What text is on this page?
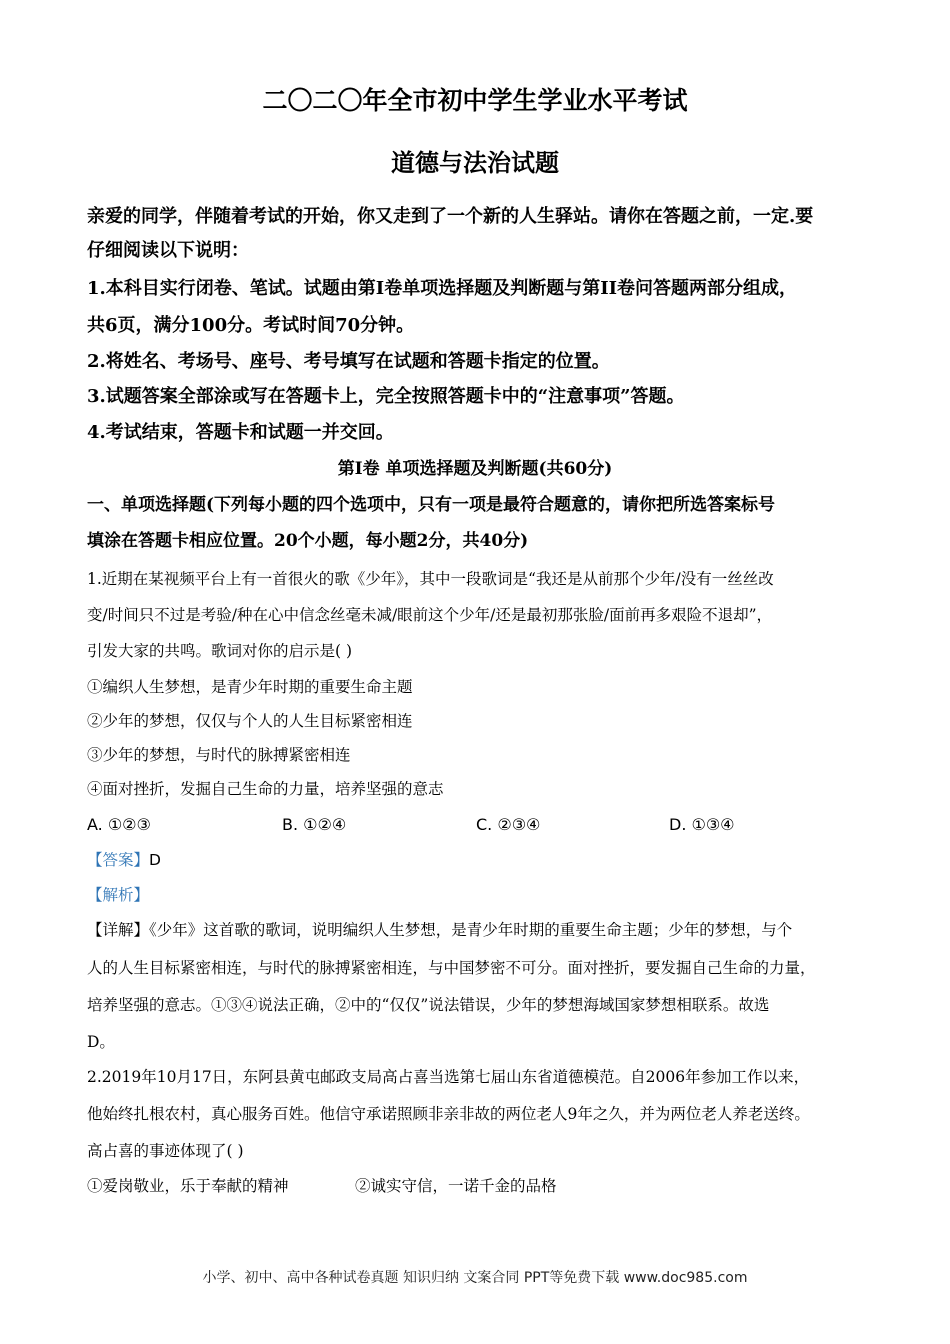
二〇二〇年全市初中学生学业水平考试
道德与法治试题
亲爱的同学，伴随着考试的开始，你又走到了一个新的人生驿站。请你在答题之前，一定.要
仔细阅读以下说明：
1.本科目实行闭卷、笔试。试题由第Ⅰ卷单项选择题及判断题与第II卷问答题两部分组成，
共6页，满分100分。考试时间70分钟。
2.将姓名、考场号、座号、考号填写在试题和答题卡指定的位置。
3.试题答案全部涂或写在答题卡上，完全按照答题卡中的“注意事项”答题。
4.考试结束，答题卡和试题一并交回。
第Ⅰ卷 单项选择题及判断题(共60分)
一、单项选择题(下列每小题的四个选项中，只有一项是最符合题意的，请你把所选答案标号
填涂在答题卡相应位置。20个小题，每小题2分，共40分)
1.近期在某视频平台上有一首很火的歌《少年》，其中一段歌词是“我还是从前那个少年/没有一丝丝改
变/时间只不过是考验/种在心中信念丝毫未减/眼前这个少年/还是最初那张脸/面前再多艰险不退却”，
引发大家的共鸣。歌词对你的启示是( )
①编织人生梦想，是青少年时期的重要生命主题
②少年的梦想，仅仅与个人的人生目标紧密相连
③少年的梦想，与时代的脉搏紧密相连
④面对挫折，发掘自己生命的力量，培养坚强的意志
A. ①②③	B. ①②④	C. ②③④	D. ①③④
【答案】D
【解析】
【详解】《少年》这首歌的歌词，说明编织人生梦想，是青少年时期的重要生命主题；少年的梦想，与个
人的人生目标紧密相连，与时代的脉搏紧密相连，与中国梦密不可分。面对挫折，要发掘自己生命的力量，
培养坚强的意志。①③④说法正确，②中的“仅仅”说法错误，少年的梦想海域国家梦想相联系。故选
D。
2.2019年10月17日，东阿县黄屯邮政支局高占喜当选第七届山东省道德模范。自2006年参加工作以来，
他始终扎根农村，真心服务百姓。他信守承诺照顾非亲非故的两位老人9年之久，并为两位老人养老送终。
高占喜的事迹体现了( )
①爱岗敬业，乐于奉献的精神	②诚实守信，一诺千金的品格
小学、初中、高中各种试卷真题 知识归纳 文案合同 PPT等免费下载 www.doc985.com
